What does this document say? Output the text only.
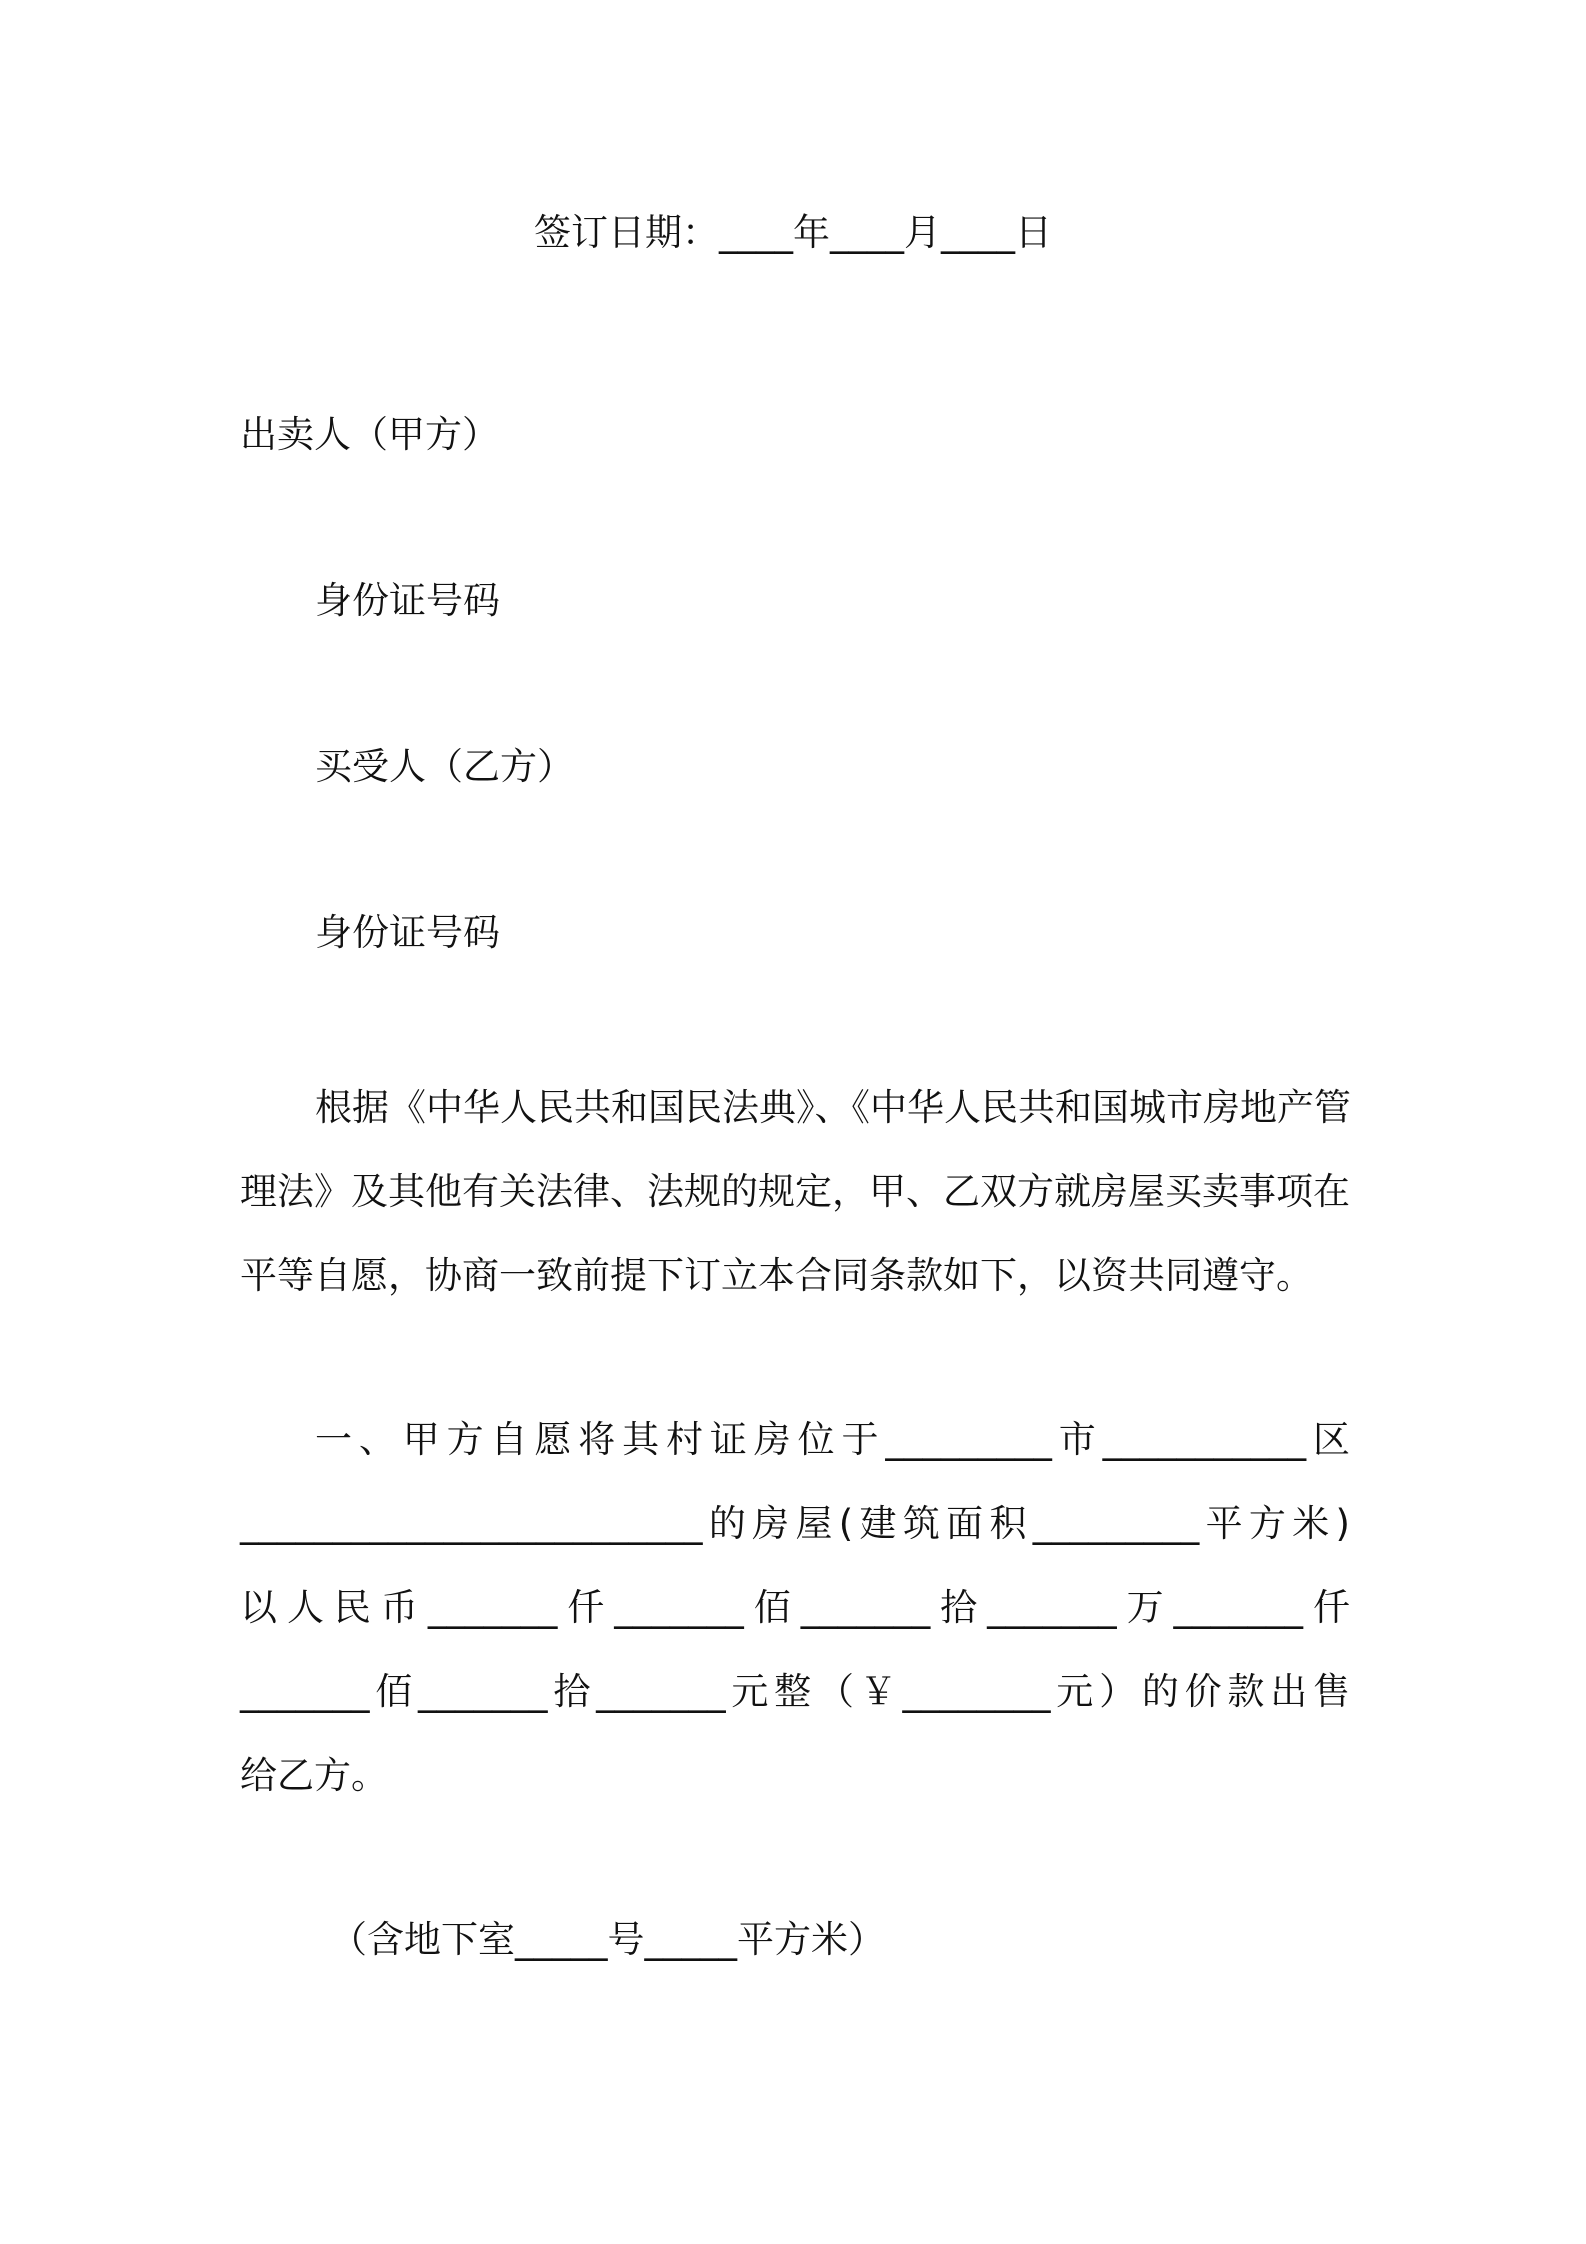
签订日期：____年____月____日
出卖人（甲方）
身份证号码
买受人（乙方）
身份证号码
根据《中华人民共和国民法典》、《中华人民共和国城市房地产管
理法》及其他有关法律、法规的规定，甲、乙双方就房屋买卖事项在
平等自愿，协商一致前提下订立本合同条款如下，以资共同遵守。
一、甲方自愿将其村证房位于_________市___________区
_________________________的房屋(建筑面积_________平方米)
以人民币_______仟_______佰_______拾_______万_______仟
_______佰_______拾_______元整（￥________元）的价款出售
给乙方。
（含地下室_____号_____平方米）
